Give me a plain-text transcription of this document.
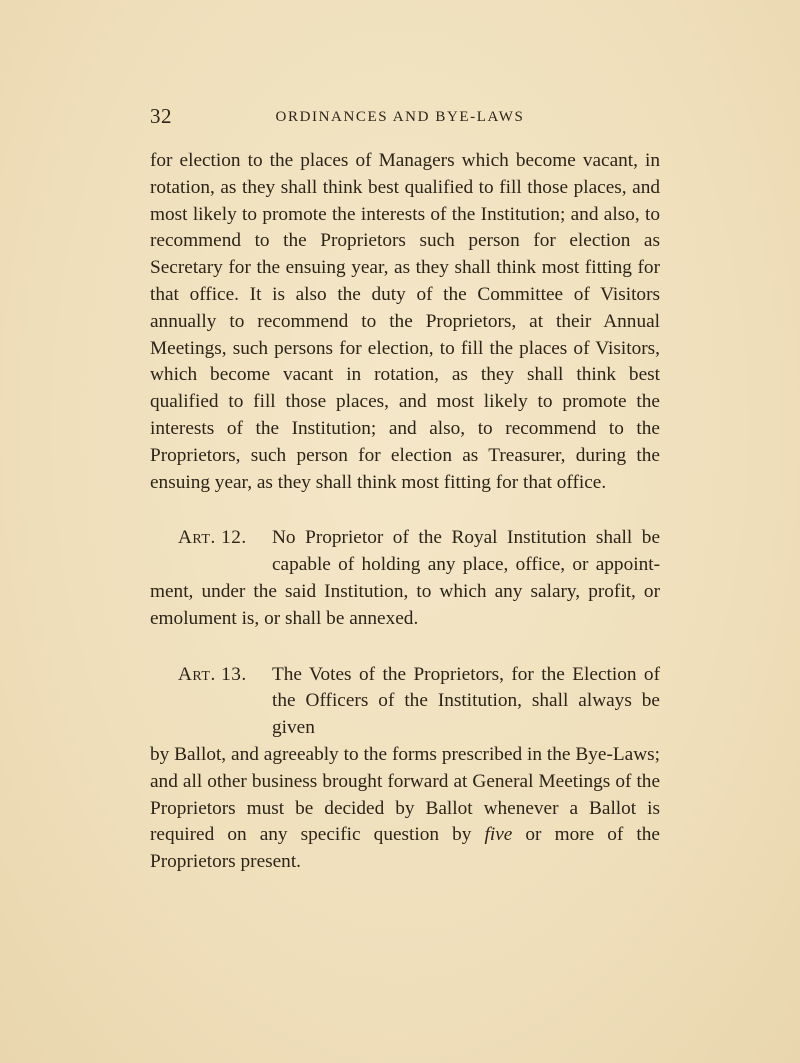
32	ORDINANCES AND BYE-LAWS

for election to the places of Managers which become vacant, in rotation, as they shall think best qualified to fill those places, and most likely to promote the interests of the Institution; and also, to recommend to the Proprietors such person for election as Secretary for the ensuing year, as they shall think most fitting for that office. It is also the duty of the Committee of Visitors annually to recommend to the Proprietors, at their Annual Meetings, such persons for election, to fill the places of Visitors, which become vacant in rotation, as they shall think best qualified to fill those places, and most likely to promote the interests of the Institution; and also, to recommend to the Proprietors, such person for election as Treasurer, during the ensuing year, as they shall think most fitting for that office.

Art. 12.	No Proprietor of the Royal Institution shall be
capable of holding any place, office, or appoint-
ment, under the said Institution, to which any salary, profit, or emolument is, or shall be annexed.
Art. 13.	The Votes of the Proprietors, for the Election of
the Officers of the Institution, shall always be given
by Ballot, and agreeably to the forms prescribed in the Bye-Laws; and all other business brought forward at General Meetings of the Proprietors must be decided by Ballot whenever a Ballot is required on any specific question by five or more of the Proprietors present.
